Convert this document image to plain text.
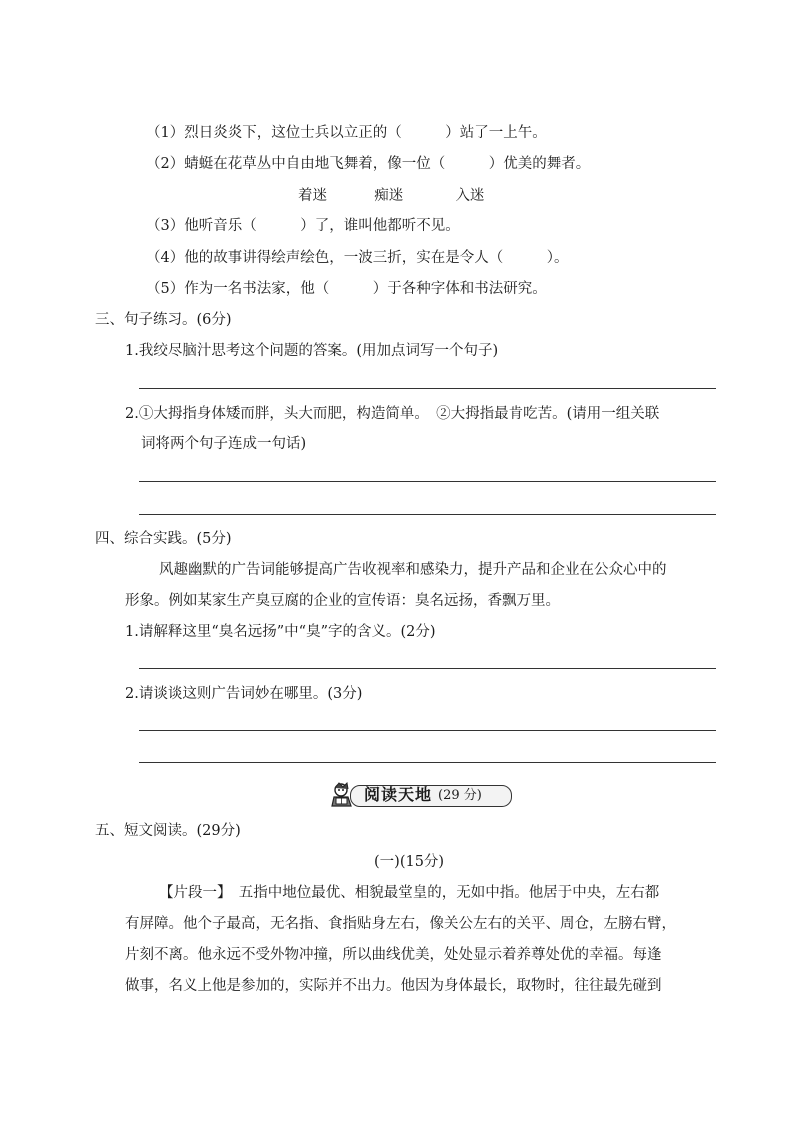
（1）烈日炎炎下，这位士兵以立正的（　　　）站了一上午。
（2）蜻蜓在花草丛中自由地飞舞着，像一位（　　　）优美的舞者。
着迷	痴迷	入迷
（3）他听音乐（　　　）了，谁叫他都听不见。
（4）他的故事讲得绘声绘色，一波三折，实在是令人（　　　）。
（5）作为一名书法家，他（　　　）于各种字体和书法研究。
三、句子练习。(6分)
1.我绞尽脑汁思考这个问题的答案。(用加点词写一个句子)
2.①大拇指身体矮而胖，头大而肥，构造简单。　②大拇指最肯吃苦。(请用一组关联
词将两个句子连成一句话)
四、综合实践。(5分)
风趣幽默的广告词能够提高广告收视率和感染力，提升产品和企业在公众心中的
形象。例如某家生产臭豆腐的企业的宣传语：臭名远扬，香飘万里。
1.请解释这里“臭名远扬”中“臭”字的含义。(2分)
2.请谈谈这则广告词妙在哪里。(3分)
阅读天地 (29 分)
五、短文阅读。(29分)
(一)(15分)
【片段一】　五指中地位最优、相貌最堂皇的，无如中指。他居于中央，左右都
有屏障。他个子最高，无名指、食指贴身左右，像关公左右的关平、周仓，左膀右臂，
片刻不离。他永远不受外物冲撞，所以曲线优美，处处显示着养尊处优的幸福。每逢
做事，名义上他是参加的，实际并不出力。他因为身体最长，取物时，往往最先碰到
